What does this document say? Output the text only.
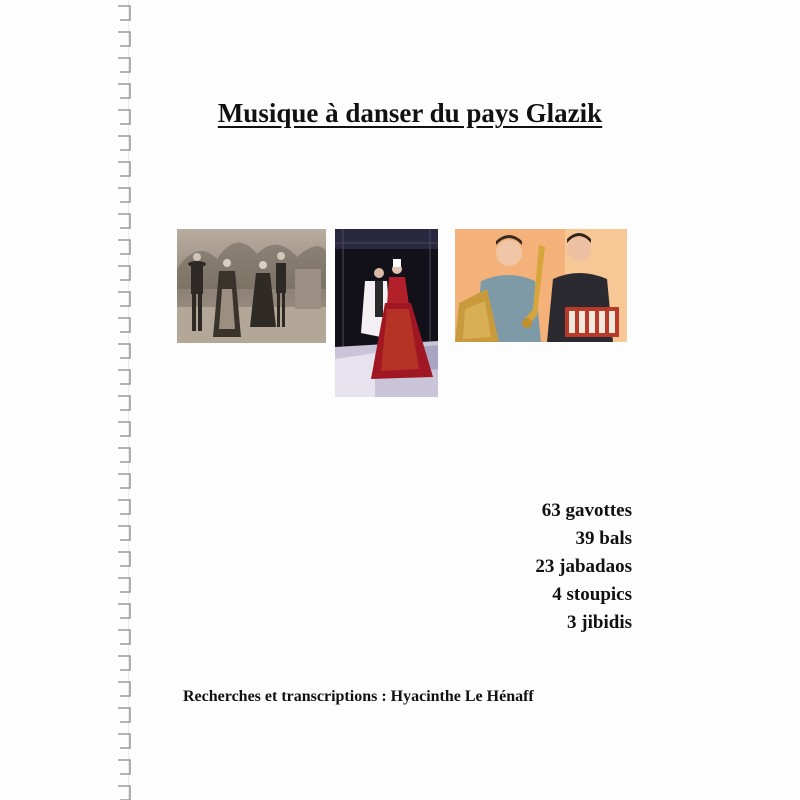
Musique à danser du pays Glazik
63 gavottes
39 bals
23 jabadaos
4 stoupics
3 jibidis
Recherches et transcriptions : Hyacinthe Le Hénaff
